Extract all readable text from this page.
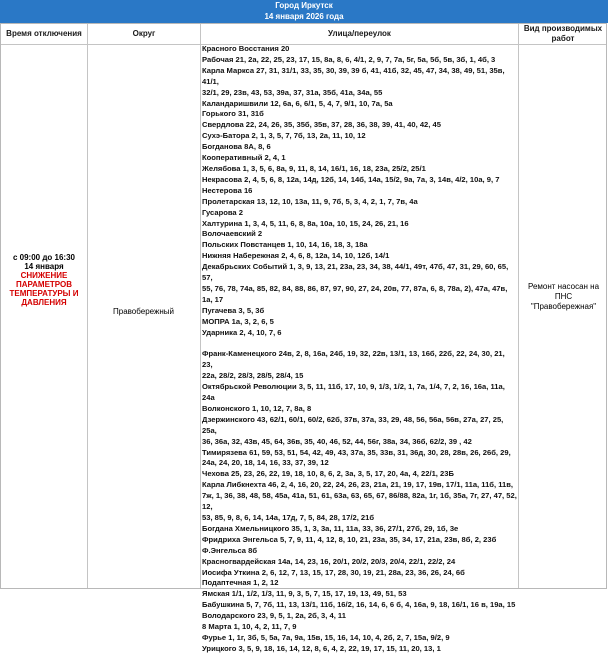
Город Иркутск
14 января 2026 года
Время отключения	Округ	Улица/переулок
Вид производимых работ
с 09:00 до 16:30
14 января
СНИЖЕНИЕ
ПАРАМЕТРОВ
ТЕМПЕРАТУРЫ И
ДАВЛЕНИЯ
Правобережный
Ремонт насосан на
ПНС
"Правобережная"
Красного Восстания 20
Рабочая 21, 2а, 22, 25, 23, 17, 15, 8а, 8, 6, 4/1, 2, 9, 7, 7а, 5г, 5а, 5б, 5в, 3б, 1, 4б, 3
Карла Маркса 27, 31, 31/1, 33, 35, 30, 39, 39 б, 41, 41б, 32, 45, 47, 34, 38, 49, 51, 35в, 41/1,
32/1, 29, 23в, 43, 53, 39а, 37, 31а, 35б, 41а, 34а, 55
Каландаришвили 12, 6а, 6, 6/1, 5, 4, 7, 9/1, 10, 7а, 5а
Горького 31, 31б
Свердлова 22, 24, 26, 35, 35б, 35в, 37, 28, 36, 38, 39, 41, 40, 42, 45
Сухэ-Батора 2, 1, 3, 5, 7, 7б, 13, 2а, 11, 10, 12
Богданова 8А, 8, 6
Кооперативный 2, 4, 1
Желябова 1, 3, 5, 6, 8а, 9, 11, 8, 14, 16/1, 16, 18, 23а, 25/2, 25/1
Некрасова 2, 4, 5, 6, 8, 12а, 14д, 12б, 14, 14б, 14а, 15/2, 9а, 7а, 3, 14в, 4/2, 10а, 9, 7
Нестерова 16
Пролетарская 13, 12, 10, 13а, 11, 9, 7б, 5, 3, 4, 2, 1, 7, 7в, 4а
Гусарова 2
Халтурина 1, 3, 4, 5, 11, 6, 8, 8а, 10а, 10, 15, 24, 26, 21, 16
Волочаевский 2
Польских Повстанцев 1, 10, 14, 16, 18, 3, 18а
Нижняя Набережная 2, 4, 6, 8, 12а, 14, 10, 12б, 14/1
Декабрьских Событий 1, 3, 9, 13, 21, 23а, 23, 34, 38, 44/1, 49т, 47б, 47, 31, 29, 60, 65, 57,
55, 76, 78, 74а, 85, 82, 84, 88, 86, 87, 97, 90, 27, 24, 20в, 77, 87а, 6, 8, 78а, 2), 47а, 47в, 1а, 17
Пугачева 3, 5, 3б
МОПРА 1а, 3, 2, 6, 5
Ударника 2, 4, 10, 7, 6

Франк-Каменецкого 24в, 2, 8, 16а, 24б, 19, 32, 22в, 13/1, 13, 16б, 22б, 22, 24, 30, 21, 23,
22а, 28/2, 28/3, 28/5, 28/4, 15
Октябрьской Революции 3, 5, 11, 11б, 17, 10, 9, 1/3, 1/2, 1, 7а, 1/4, 7, 2, 16, 16а, 11а, 24а
Волконского 1, 10, 12, 7, 8а, 8
Дзержинского 43, 62/1, 60/1, 60/2, 62б, 37в, 37а, 33, 29, 48, 56, 56а, 56в, 27а, 27, 25, 25а,
36, 36а, 32, 43в, 45, 64, 36в, 35, 40, 46, 52, 44, 56г, 38а, 34, 36б, 62/2, 39 , 42
Тимирязева 61, 59, 53, 51, 54, 42, 49, 43, 37а, 35, 33в, 31, 36д, 30, 28, 28в, 26, 26б, 29,
24а, 24, 20, 18, 14, 16, 33, 37, 39, 12
Чехова 25, 23, 26, 22, 19, 18, 10, 8, 6, 2, 3а, 3, 5, 17, 20, 4а, 4, 22/1, 23Б
Карла Либкнехта 46, 2, 4, 16, 20, 22, 24, 26, 23, 21а, 21, 19, 17, 19в, 17/1, 11а, 11б, 11в,
7ж, 1, 36, 38, 48, 58, 45а, 41а, 51, 61, 63а, 63, 65, 67, 86/88, 82а, 1г, 1б, 35а, 7г, 27, 47, 52, 12,
53, 85, 9, 8, 6, 14, 14а, 17д, 7, 5, 84, 28, 17/2, 21б
Богдана Хмельницкого 35, 1, 3, 3а, 11, 11а, 33, 36, 27/1, 27б, 29, 1б, 3е
Фридриха Энгельса 5, 7, 9, 11, 4, 12, 8, 10, 21, 23а, 35, 34, 17, 21а, 23в, 8б, 2, 23б
Ф.Энгельса 8б
Красногвардейская 14а, 14, 23, 16, 20/1, 20/2, 20/3, 20/4, 22/1, 22/2, 24
Иосифа Уткина 2, 6, 12, 7, 13, 15, 17, 28, 30, 19, 21, 28а, 23, 36, 26, 24, 6б
Подаптечная 1, 2, 12
Ямская 1/1, 1/2, 1/3, 11, 9, 3, 5, 7, 15, 17, 19, 13, 49, 51, 53
Бабушкина 5, 7, 7б, 11, 13, 13/1, 11б, 16/2, 16, 14, 6, 6 б, 4, 16а, 9, 18, 16/1, 16 в, 19а, 15
Володарского 23, 9, 5, 1, 2а, 2б, 3, 4, 11
8 Марта 1, 10, 4, 2, 11, 7, 9
Фурье 1, 1г, 3б, 5, 5а, 7а, 9а, 15в, 15, 16, 14, 10, 4, 2б, 2, 7, 15а, 9/2, 9
Урицкого 3, 5, 9, 18, 16, 14, 12, 8, 6, 4, 2, 22, 19, 17, 15, 11, 20, 13, 1
